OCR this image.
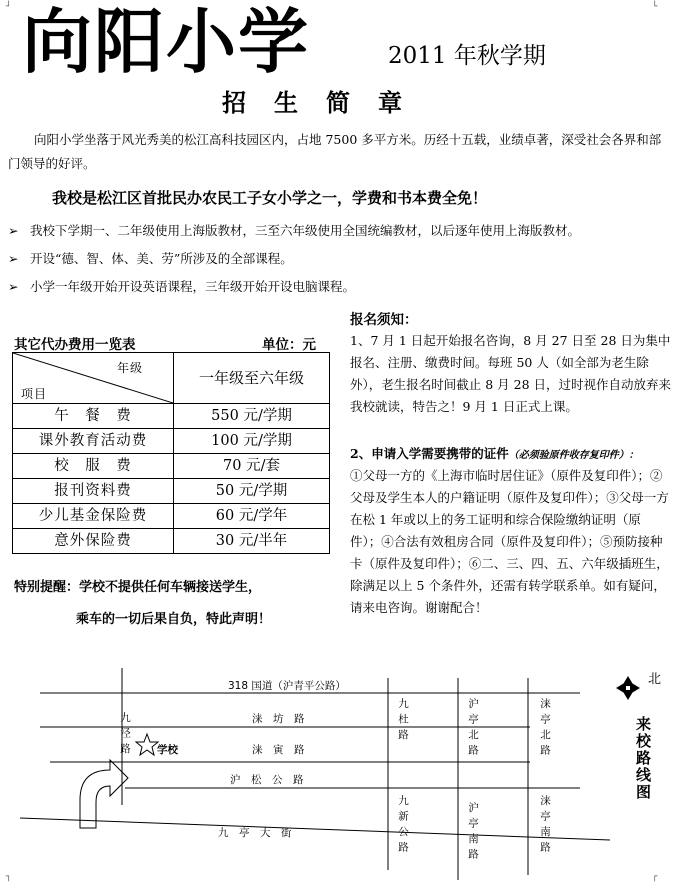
┘	└
┐	┌
向阳小学	2011 年秋学期
招生简章
向阳小学坐落于风光秀美的松江高科技园区内，占地 7500 多平方米。历经十五载，业绩卓著，深受社会各界和部门领导的好评。
我校是松江区首批民办农民工子女小学之一，学费和书本费全免！
➢ 我校下学期一、二年级使用上海版教材，三至六年级使用全国统编教材，以后逐年使用上海版教材。
➢ 开设“德、智、体、美、劳”所涉及的全部课程。
➢ 小学一年级开始开设英语课程，三年级开始开设电脑课程。
其它代办费用一览表	单位：元
年级
项目	一年级至六年级
午　餐　费	550 元/学期
课外教育活动费	100 元/学期
校　服　费	70 元/套
报刊资料费	50 元/学期
少儿基金保险费	60 元/学年
意外保险费	30 元/半年
特别提醒：学校不提供任何车辆接送学生，
乘车的一切后果自负，特此声明！
报名须知：
1、7 月 1 日起开始报名咨询，8 月 27 日至 28 日为集中报名、注册、缴费时间。每班 50 人（如全部为老生除外），老生报名时间截止 8 月 28 日，过时视作自动放弃来我校就读，特告之！9 月 1 日正式上课。
2、申请入学需要携带的证件（必须验原件收存复印件）：
①父母一方的《上海市临时居住证》（原件及复印件）；②父母及学生本人的户籍证明（原件及复印件）；③父母一方在松 1 年或以上的务工证明和综合保险缴纳证明（原件）；④合法有效租房合同（原件及复印件）；⑤预防接种卡（原件及复印件）；⑥二、三、四、五、六年级插班生，除满足以上 5 个条件外，还需有转学联系单。如有疑问，请来电咨询。谢谢配合！
318 国道（沪青平公路）
涞　坊　路
涞　寅　路
沪　松　公　路
九　亭　大　街
九泾路 学校
九杜路	沪亭北路	涞亭北路
九新公路	沪亭南路	涞亭南路
北
来校路线图
